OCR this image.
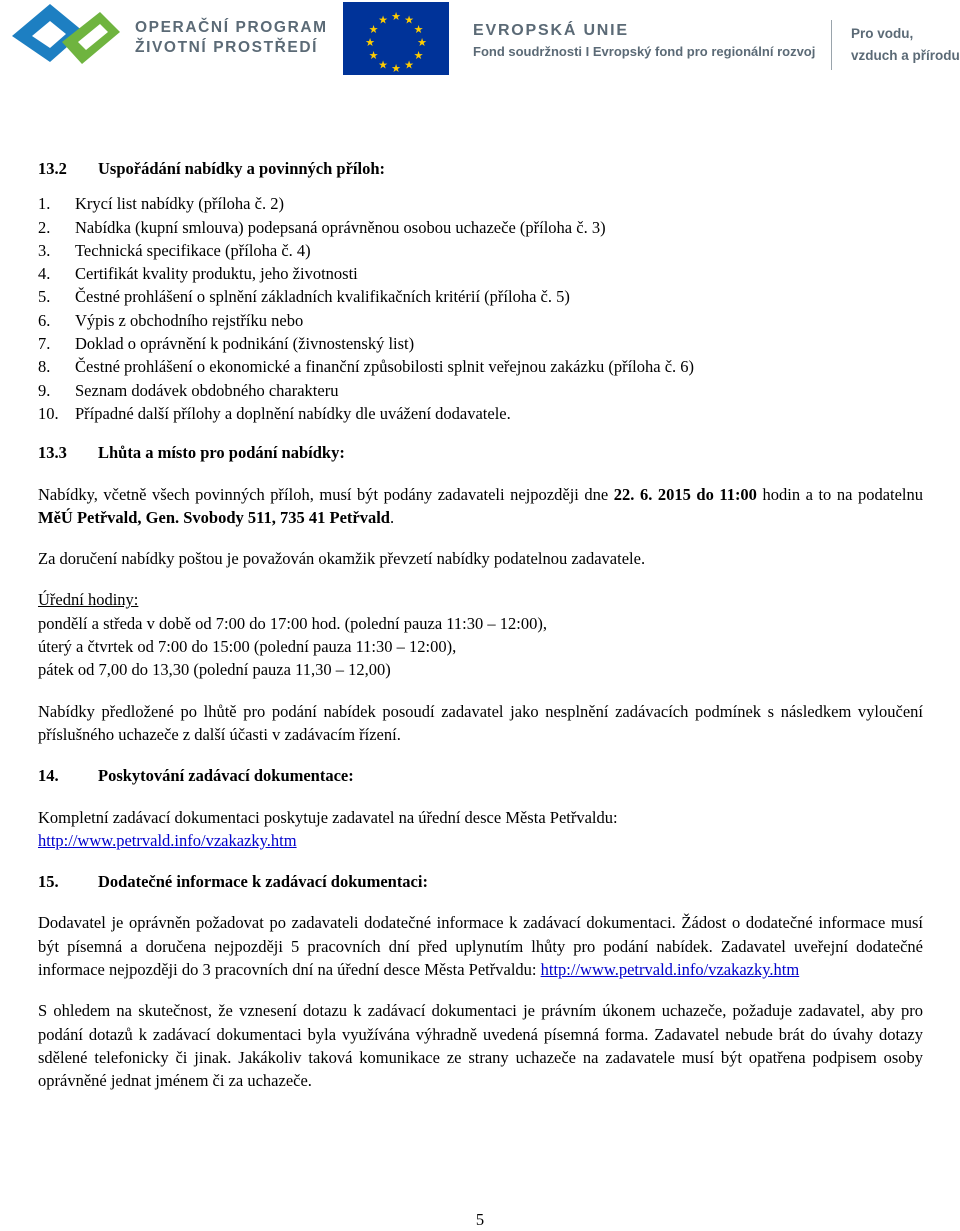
OPERAČNÍ PROGRAM
ŽIVOTNÍ PROSTŘEDÍ
★ ★
★
★
★
★
★
★
★
★
★
★
EVROPSKÁ UNIE
Fond soudržnosti I Evropský fond pro regionální rozvoj
Pro vodu,
vzduch a přírodu
13.2 Uspořádání nabídky a povinných příloh:
1. Krycí list nabídky (příloha č. 2)
2. Nabídka (kupní smlouva) podepsaná oprávněnou osobou uchazeče (příloha č. 3)
3. Technická specifikace (příloha č. 4)
4. Certifikát kvality produktu, jeho životnosti
5. Čestné prohlášení o splnění základních kvalifikačních kritérií (příloha č. 5)
6. Výpis z obchodního rejstříku nebo
7. Doklad o oprávnění k podnikání (živnostenský list)
8. Čestné prohlášení o ekonomické a finanční způsobilosti splnit veřejnou zakázku (příloha č. 6)
9. Seznam dodávek obdobného charakteru
10. Případné další přílohy a doplnění nabídky dle uvážení dodavatele.
13.3 Lhůta a místo pro podání nabídky:

Nabídky, včetně všech povinných příloh, musí být podány zadavateli nejpozději dne 22. 6. 2015 do 11:00 hodin a to na podatelnu MěÚ Petřvald, Gen. Svobody 511, 735 41 Petřvald.

Za doručení nabídky poštou je považován okamžik převzetí nabídky podatelnou zadavatele.

Úřední hodiny:

pondělí a středa v době od 7:00 do 17:00 hod. (polední pauza 11:30 – 12:00),

úterý a čtvrtek od 7:00 do 15:00 (polední pauza 11:30 – 12:00),

pátek od 7,00 do 13,30 (polední pauza 11,30 – 12,00)

Nabídky předložené po lhůtě pro podání nabídek posoudí zadavatel jako nesplnění zadávacích podmínek s následkem vyloučení příslušného uchazeče z další účasti v zadávacím řízení.

14. Poskytování zadávací dokumentace:

Kompletní zadávací dokumentaci poskytuje zadavatel na úřední desce Města Petřvaldu:

http://www.petrvald.info/vzakazky.htm

15. Dodatečné informace k zadávací dokumentaci:

Dodavatel je oprávněn požadovat po zadavateli dodatečné informace k zadávací dokumentaci. Žádost o dodatečné informace musí být písemná a doručena nejpozději 5 pracovních dní před uplynutím lhůty pro podání nabídek. Zadavatel uveřejní dodatečné informace nejpozději do 3 pracovních dní na úřední desce Města Petřvaldu: http://www.petrvald.info/vzakazky.htm

S ohledem na skutečnost, že vznesení dotazu k zadávací dokumentaci je právním úkonem uchazeče, požaduje zadavatel, aby pro podání dotazů k zadávací dokumentaci byla využívána výhradně uvedená písemná forma. Zadavatel nebude brát do úvahy dotazy sdělené telefonicky či jinak. Jakákoliv taková komunikace ze strany uchazeče na zadavatele musí být opatřena podpisem osoby oprávněné jednat jménem či za uchazeče.

5
